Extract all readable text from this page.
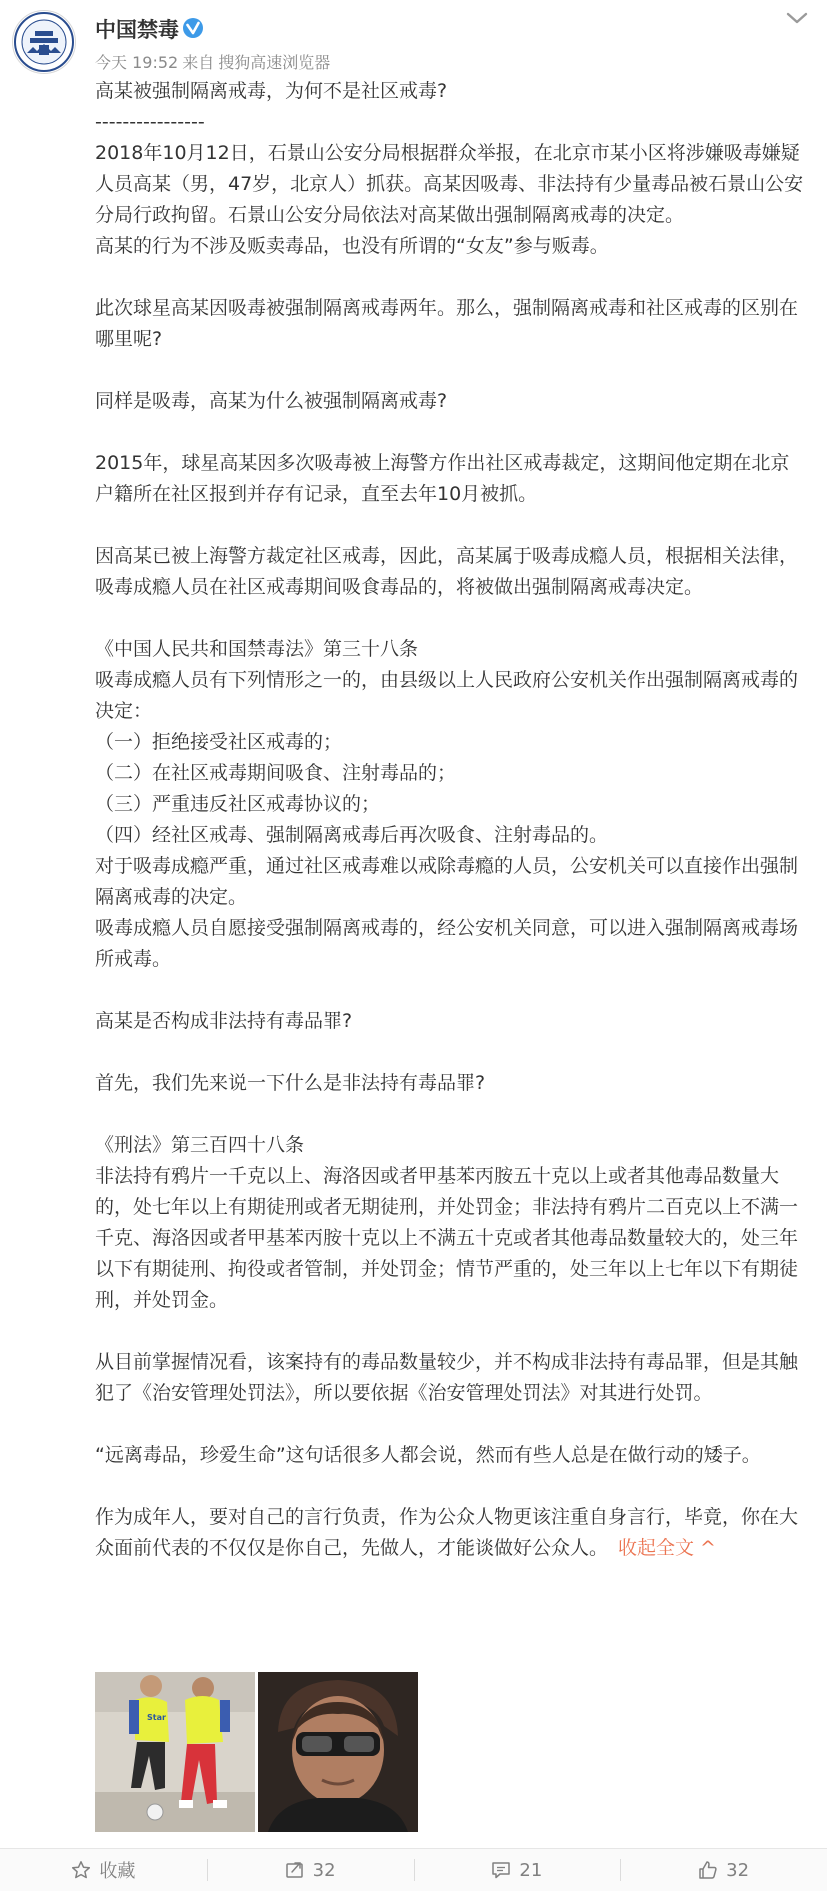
中国禁毒
今天 19:52 来自 搜狗高速浏览器

高某被强制隔离戒毒，为何不是社区戒毒?

----------------

2018年10月12日，石景山公安分局根据群众举报，在北京市某小区将涉嫌吸毒嫌疑人员高某（男，47岁，北京人）抓获。高某因吸毒、非法持有少量毒品被石景山公安分局行政拘留。石景山公安分局依法对高某做出强制隔离戒毒的决定。

高某的行为不涉及贩卖毒品，也没有所谓的“女友”参与贩毒。

此次球星高某因吸毒被强制隔离戒毒两年。那么，强制隔离戒毒和社区戒毒的区别在哪里呢?

同样是吸毒，高某为什么被强制隔离戒毒?

2015年，球星高某因多次吸毒被上海警方作出社区戒毒裁定，这期间他定期在北京户籍所在社区报到并存有记录，直至去年10月被抓。

因高某已被上海警方裁定社区戒毒，因此，高某属于吸毒成瘾人员，根据相关法律，吸毒成瘾人员在社区戒毒期间吸食毒品的，将被做出强制隔离戒毒决定。

《中国人民共和国禁毒法》第三十八条

吸毒成瘾人员有下列情形之一的，由县级以上人民政府公安机关作出强制隔离戒毒的决定：

（一）拒绝接受社区戒毒的；

（二）在社区戒毒期间吸食、注射毒品的；

（三）严重违反社区戒毒协议的；

（四）经社区戒毒、强制隔离戒毒后再次吸食、注射毒品的。

对于吸毒成瘾严重，通过社区戒毒难以戒除毒瘾的人员，公安机关可以直接作出强制隔离戒毒的决定。

吸毒成瘾人员自愿接受强制隔离戒毒的，经公安机关同意，可以进入强制隔离戒毒场所戒毒。

高某是否构成非法持有毒品罪?

首先，我们先来说一下什么是非法持有毒品罪?

《刑法》第三百四十八条

非法持有鸦片一千克以上、海洛因或者甲基苯丙胺五十克以上或者其他毒品数量大的，处七年以上有期徒刑或者无期徒刑，并处罚金；非法持有鸦片二百克以上不满一千克、海洛因或者甲基苯丙胺十克以上不满五十克或者其他毒品数量较大的，处三年以下有期徒刑、拘役或者管制，并处罚金；情节严重的，处三年以上七年以下有期徒刑，并处罚金。

从目前掌握情况看，该案持有的毒品数量较少，并不构成非法持有毒品罪，但是其触犯了《治安管理处罚法》，所以要依据《治安管理处罚法》对其进行处罚。

“远离毒品，珍爱生命”这句话很多人都会说，然而有些人总是在做行动的矮子。

作为成年人，要对自己的言行负责，作为公众人物更该注重自身言行，毕竟，你在大众面前代表的不仅仅是你自己，先做人，才能谈做好公众人。 收起全文 ^

Star
收藏	32	21	32
